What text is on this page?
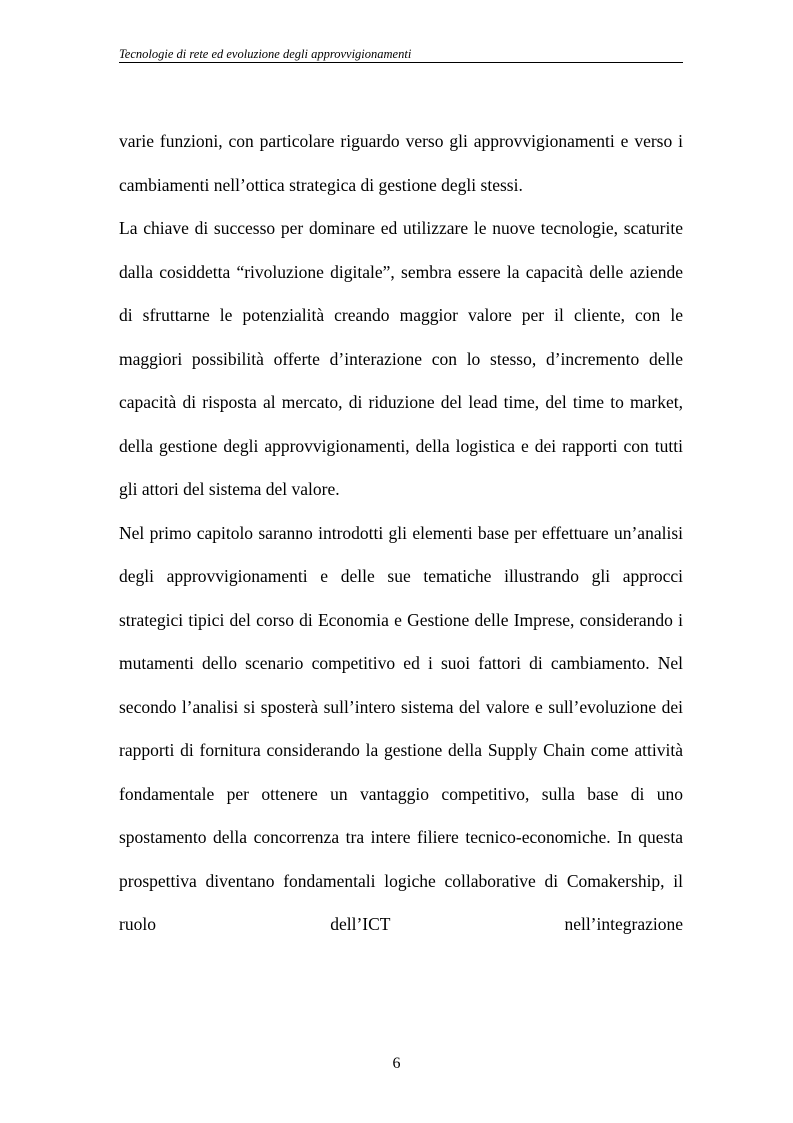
Tecnologie di rete ed evoluzione degli approvvigionamenti

varie funzioni, con particolare riguardo verso gli approvvigionamenti e verso i cambiamenti nell’ottica strategica di gestione degli stessi.

La chiave di successo per dominare ed utilizzare le nuove tecnologie, scaturite dalla cosiddetta “rivoluzione digitale”, sembra essere la capacità delle aziende di sfruttarne le potenzialità creando maggior valore per il cliente, con le maggiori possibilità offerte d’interazione con lo stesso, d’incremento delle capacità di risposta al mercato, di riduzione del lead time, del time to market, della gestione degli approvvigionamenti, della logistica e dei rapporti con tutti gli attori del sistema del valore.

Nel primo capitolo saranno introdotti gli elementi base per effettuare un’analisi degli approvvigionamenti e delle sue tematiche illustrando gli approcci strategici tipici del corso di Economia e Gestione delle Imprese, considerando i mutamenti dello scenario competitivo ed i suoi fattori di cambiamento. Nel secondo l’analisi si sposterà sull’intero sistema del valore e sull’evoluzione dei rapporti di fornitura considerando la gestione della Supply Chain come attività fondamentale per ottenere un vantaggio competitivo, sulla base di uno spostamento della concorrenza tra intere filiere tecnico-economiche. In questa prospettiva diventano fondamentali logiche collaborative di Comakership, il ruolo dell’ICT nell’integrazione

6
